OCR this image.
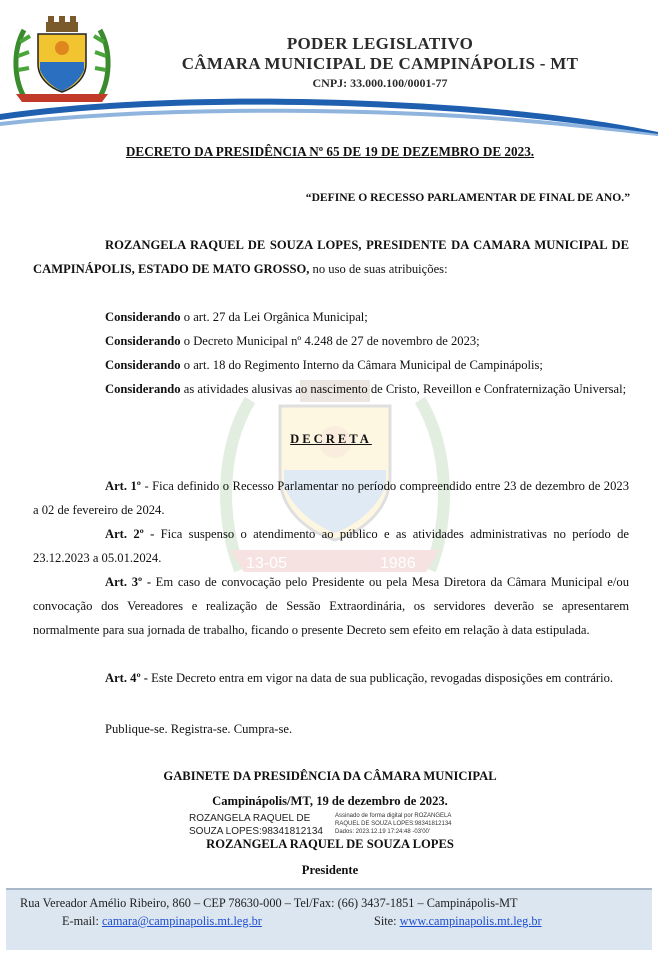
PODER LEGISLATIVO
CÂMARA MUNICIPAL DE CAMPINÁPOLIS - MT
CNPJ: 33.000.100/0001-77
13-05	1986
DECRETO DA PRESIDÊNCIA Nº 65 DE 19 DE DEZEMBRO DE 2023.
“DEFINE O RECESSO PARLAMENTAR DE FINAL DE ANO.”
ROZANGELA RAQUEL DE SOUZA LOPES, PRESIDENTE DA CAMARA MUNICIPAL DE CAMPINÁPOLIS, ESTADO DE MATO GROSSO, no uso de suas atribuições:
Considerando o art. 27 da Lei Orgânica Municipal;
Considerando o Decreto Municipal nº 4.248 de 27 de novembro de 2023;
Considerando o art. 18 do Regimento Interno da Câmara Municipal de Campinápolis;
Considerando as atividades alusivas ao nascimento de Cristo, Reveillon e Confraternização Universal;
DECRETA
Art. 1º - Fica definido o Recesso Parlamentar no período compreendido entre 23 de dezembro de 2023 a 02 de fevereiro de 2024.
Art. 2º - Fica suspenso o atendimento ao público e as atividades administrativas no período de 23.12.2023 a 05.01.2024.
Art. 3º - Em caso de convocação pelo Presidente ou pela Mesa Diretora da Câmara Municipal e/ou convocação dos Vereadores e realização de Sessão Extraordinária, os servidores deverão se apresentarem normalmente para sua jornada de trabalho, ficando o presente Decreto sem efeito em relação à data estipulada.
Art. 4º - Este Decreto entra em vigor na data de sua publicação, revogadas disposições em contrário.
Publique-se. Registra-se. Cumpra-se.
GABINETE DA PRESIDÊNCIA DA CÂMARA MUNICIPAL
Campinápolis/MT, 19 de dezembro de 2023.
ROZANGELA RAQUEL DE
SOUZA LOPES:98341812134
Assinado de forma digital por ROZANGELA
RAQUEL DE SOUZA LOPES:98341812134
Dados: 2023.12.19 17:24:48 -03'00'
ROZANGELA RAQUEL DE SOUZA LOPES
Presidente
Rua Vereador Amélio Ribeiro, 860 – CEP 78630-000 – Tel/Fax: (66) 3437-1851 – Campinápolis-MT
E-mail: camara@campinapolis.mt.leg.br	Site: www.campinapolis.mt.leg.br
